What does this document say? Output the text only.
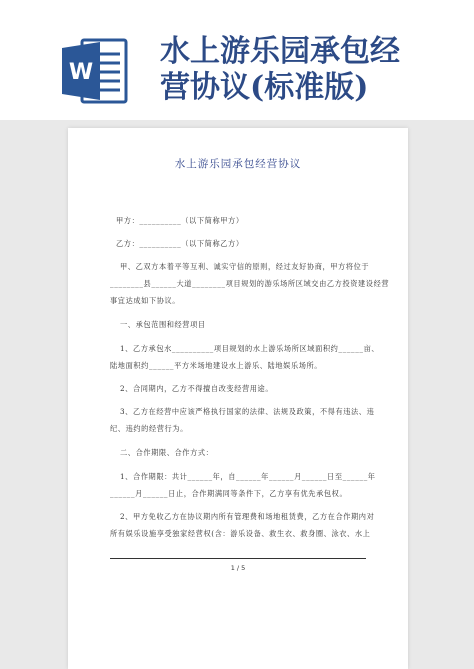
W
水上游乐园承包经
营协议(标准版)
水上游乐园承包经营协议
甲方：__________（以下简称甲方）
乙方：__________（以下简称乙方）
甲、乙双方本着平等互利、诚实守信的原则，经过友好协商，甲方将位于
________县______大道________项目规划的游乐场所区域交由乙方投资建设经营
事宜达成如下协议。
一、承包范围和经营项目
1、乙方承包水__________项目规划的水上游乐场所区域面积约______亩、
陆地面积约______平方米场地建设水上游乐、陆地娱乐场所。
2、合同期内，乙方不得擅自改变经营用途。
3、乙方在经营中应该严格执行国家的法律、法规及政策，不得有违法、违
纪、违约的经营行为。
二、合作期限、合作方式：
1、合作期限：共计______年，自______年______月______日至______年
______月______日止，合作期满同等条件下，乙方享有优先承包权。
2、甲方免收乙方在协议期内所有管理费和场地租赁费，乙方在合作期内对
所有娱乐设施享受独家经营权(含：游乐设备、救生衣、救身圈、泳衣、水上
1 / 5
